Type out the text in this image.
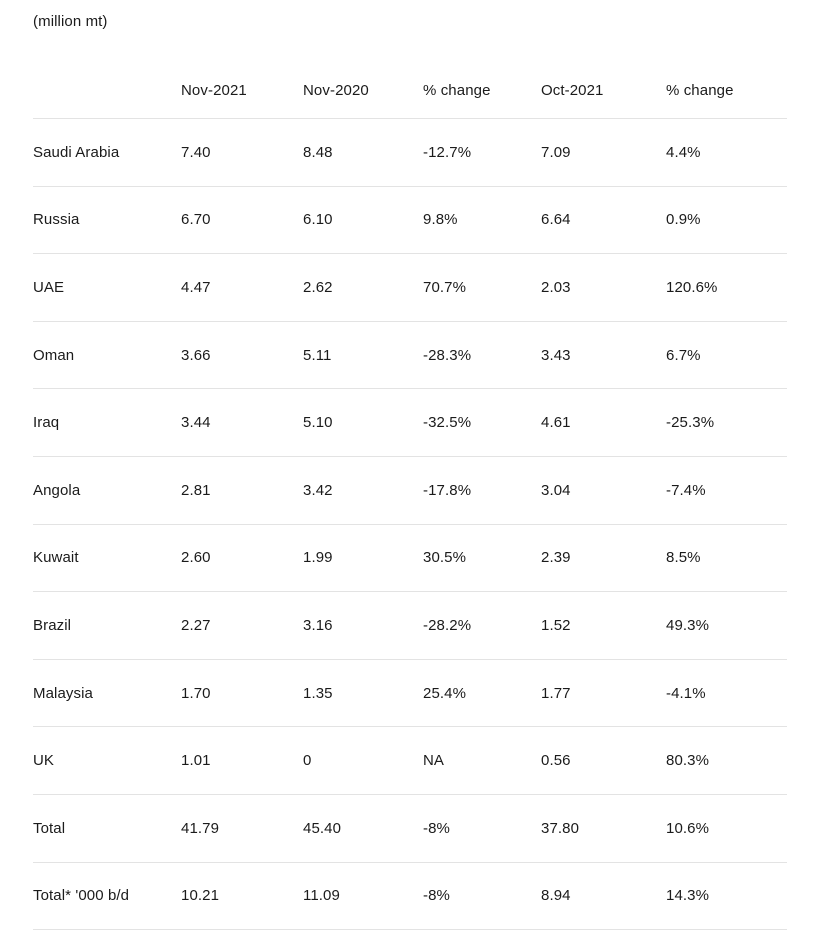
(million mt)
	Nov-2021	Nov-2020	% change	Oct-2021	% change
Saudi Arabia	7.40	8.48	-12.7%	7.09	4.4%
Russia	6.70	6.10	9.8%	6.64	0.9%
UAE	4.47	2.62	70.7%	2.03	120.6%
Oman	3.66	5.11	-28.3%	3.43	6.7%
Iraq	3.44	5.10	-32.5%	4.61	-25.3%
Angola	2.81	3.42	-17.8%	3.04	-7.4%
Kuwait	2.60	1.99	30.5%	2.39	8.5%
Brazil	2.27	3.16	-28.2%	1.52	49.3%
Malaysia	1.70	1.35	25.4%	1.77	-4.1%
UK	1.01	0	NA	0.56	80.3%
Total	41.79	45.40	-8%	37.80	10.6%
Total* '000 b/d	10.21	11.09	-8%	8.94	14.3%
